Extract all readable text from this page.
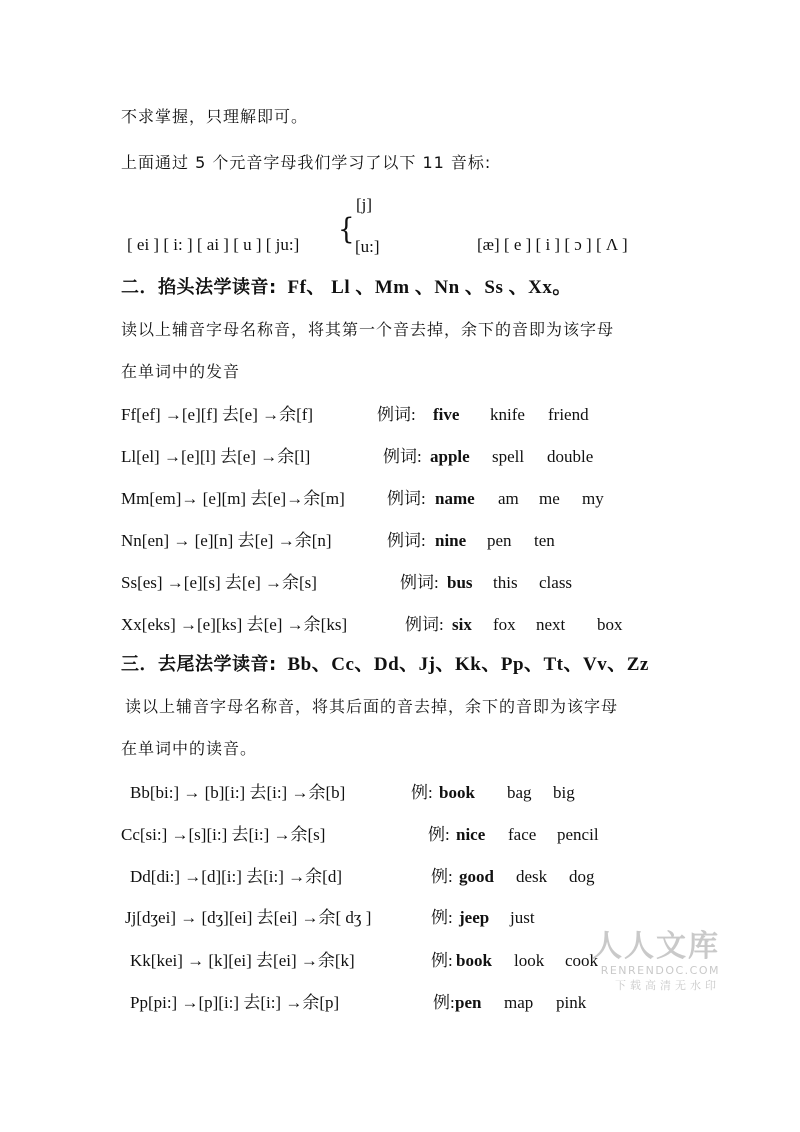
不求掌握，只理解即可。
上面通过 5 个元音字母我们学习了以下 11 音标:
[j]
[ ei ] [ i: ] [ ai ] [ u ] [ ju:] { [u:]	[æ] [ e ] [ i ] [ ɔ ] [ Λ ]
二．掐头法学读音: Ff、 Ll 、Mm 、Nn 、Ss 、Xx。
读以上辅音字母名称音，将其第一个音去掉，余下的音即为该字母
在单词中的发音
Ff[ef] →[e][f] 去[e] →余[f]	例词: five knife friend
Ll[el] →[e][l] 去[e] →余[l]	例词: apple spell double
Mm[em]→ [e][m] 去[e]→余[m] 例词: name am me my
Nn[en] → [e][n] 去[e] →余[n]	例词: nine pen ten
Ss[es] →[e][s] 去[e] →余[s]	例词: bus this class
Xx[eks] →[e][ks] 去[e] →余[ks]	例词: six fox next box
三．去尾法学读音: Bb、Cc、Dd、Jj、Kk、Pp、Tt、Vv、Zz
读以上辅音字母名称音，将其后面的音去掉，余下的音即为该字母
在单词中的读音。
Bb[bi:] → [b][i:] 去[i:] →余[b]	例: book bag big
Cc[si:] →[s][i:] 去[i:] →余[s]	例: nice face pencil
Dd[di:] →[d][i:] 去[i:] →余[d]	例: good desk dog
Jj[dʒei] → [dʒ][ei] 去[ei] →余[ dʒ ]	例: jeep just
Kk[kei] → [k][ei] 去[ei] →余[k]	例: book look cook
Pp[pi:] →[p][i:] 去[i:] →余[p]	例: pen map pink
人人文库
RENRENDOC.COM
下载高清无水印
